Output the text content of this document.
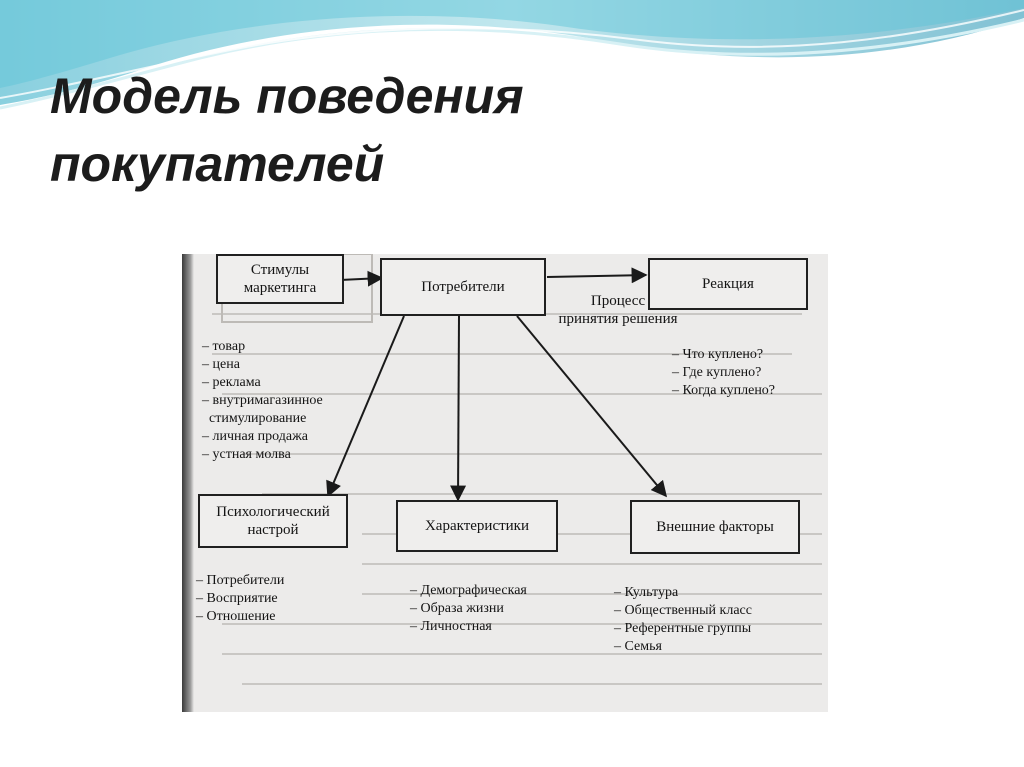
Модель поведения
покупателей
Стимулы
маркетинга	Потребители	Реакция
Процесс
принятия решения
– товар
– цена
– реклама
– внутримагазинное
стимулирование
– личная продажа
– устная молва
– Что куплено?
– Где куплено?
– Когда куплено?
Психологический
настрой	Характеристики	Внешние факторы
– Потребители
– Восприятие
– Отношение
– Демографическая
– Образа жизни
– Личностная
– Культура
– Общественный класс
– Референтные группы
– Семья
